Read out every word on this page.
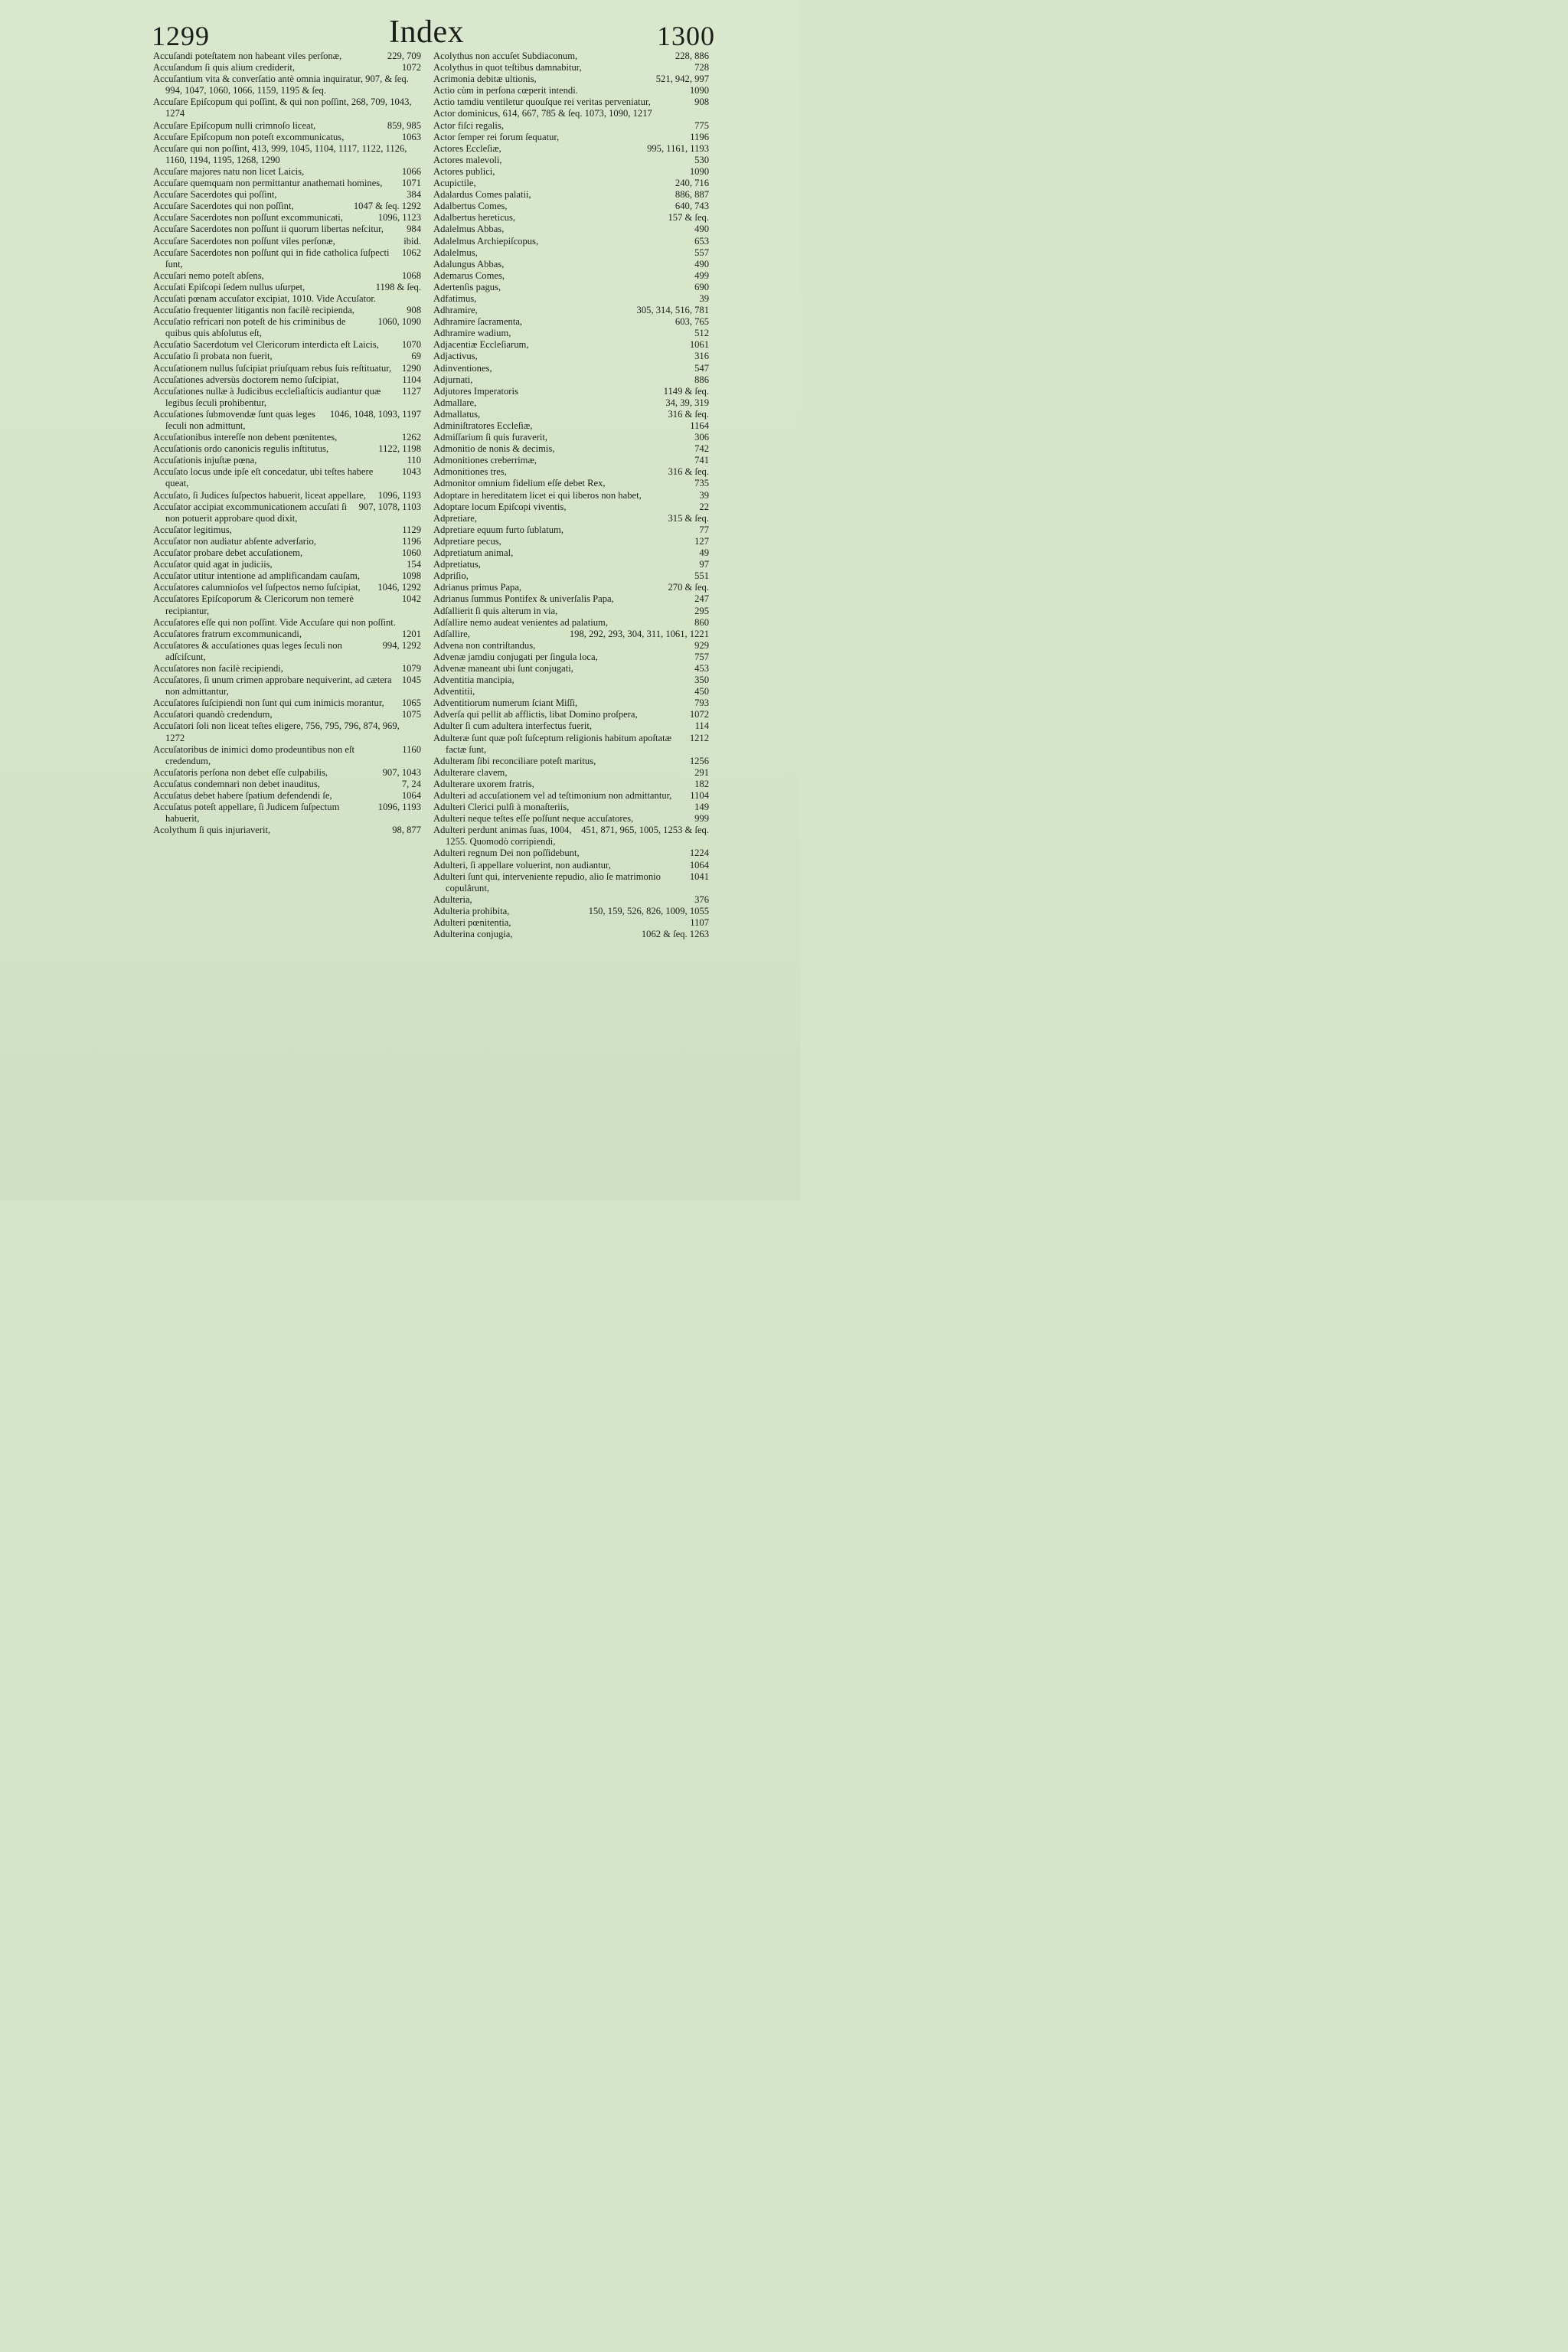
1299	Index	1300

229, 709
Accuſandi poteſtatem non habeant viles perſonæ,

1072
Accuſandum ſi quis alium crediderit,

Accuſantium vita & converſatio antè omnia inquiratur, 907, & ſeq. 994, 1047, 1060, 1066, 1159, 1195 & ſeq.

Accuſare Epiſcopum qui poſſint, & qui non poſſint, 268, 709, 1043, 1274

859, 985
Accuſare Epiſcopum nulli crimnoſo liceat,

1063
Accuſare Epiſcopum non poteſt excommunicatus,

Accuſare qui non poſſint, 413, 999, 1045, 1104, 1117, 1122, 1126, 1160, 1194, 1195, 1268, 1290

1066
Accuſare majores natu non licet Laicis,

1071
Accuſare quemquam non permittantur anathemati homines,

384
Accuſare Sacerdotes qui poſſint,

1047 & ſeq. 1292
Accuſare Sacerdotes qui non poſſint,

1096, 1123
Accuſare Sacerdotes non poſſunt excommunicati,

984
Accuſare Sacerdotes non poſſunt ii quorum libertas neſcitur,

ibid.
Accuſare Sacerdotes non poſſunt viles perſonæ,

1062
Accuſare Sacerdotes non poſſunt qui in fide catholica ſuſpecti ſunt,

1068
Accuſari nemo poteſt abſens,

1198 & ſeq.
Accuſati Epiſcopi ſedem nullus uſurpet,

Accuſati pœnam accuſator excipiat, 1010. Vide Accuſator.

908
Accuſatio frequenter litigantis non facilè recipienda,

1060, 1090
Accuſatio refricari non poteſt de his criminibus de quibus quis abſolutus eſt,

1070
Accuſatio Sacerdotum vel Clericorum interdicta eſt Laicis,

69
Accuſatio ſi probata non fuerit,

1290
Accuſationem nullus ſuſcipiat priuſquam rebus ſuis reſtituatur,

1104
Accuſationes adversùs doctorem nemo ſuſcipiat,

1127
Accuſationes nullæ à Judicibus eccleſiaſticis audiantur quæ legibus ſeculi prohibentur,

1046, 1048, 1093, 1197
Accuſationes ſubmovendæ ſunt quas leges ſeculi non admittunt,

1262
Accuſationibus intereſſe non debent pœnitentes,

1122, 1198
Accuſationis ordo canonicis regulis inſtitutus,

110
Accuſationis injuſtæ pœna,

1043
Accuſato locus unde ipſe eſt concedatur, ubi teſtes habere queat,

1096, 1193
Accuſato, ſi Judices ſuſpectos habuerit, liceat appellare,

907, 1078, 1103
Accuſator accipiat excommunicationem accuſati ſi non potuerit approbare quod dixit,

1129
Accuſator legitimus,

1196
Accuſator non audiatur abſente adverſario,

1060
Accuſator probare debet accuſationem,

154
Accuſator quid agat in judiciis,

1098
Accuſator utitur intentione ad amplificandam cauſam,

1046, 1292
Accuſatores calumnioſos vel ſuſpectos nemo ſuſcipiat,

1042
Accuſatores Epiſcoporum & Clericorum non temerè recipiantur,

Accuſatores eſſe qui non poſſint. Vide Accuſare qui non poſſint.

1201
Accuſatores fratrum excommunicandi,

994, 1292
Accuſatores & accuſationes quas leges ſeculi non adſciſcunt,

1079
Accuſatores non facilè recipiendi,

1045
Accuſatores, ſi unum crimen approbare nequiverint, ad cætera non admittantur,

1065
Accuſatores ſuſcipiendi non ſunt qui cum inimicis morantur,

1075
Accuſatori quandò credendum,

Accuſatori ſoli non liceat teſtes eligere, 756, 795, 796, 874, 969, 1272

1160
Accuſatoribus de inimici domo prodeuntibus non eſt credendum,

907, 1043
Accuſatoris perſona non debet eſſe culpabilis,

7, 24
Accuſatus condemnari non debet inauditus,

1064
Accuſatus debet habere ſpatium defendendi ſe,

1096, 1193
Accuſatus poteſt appellare, ſi Judicem ſuſpectum habuerit,

98, 877
Acolythum ſi quis injuriaverit,

228, 886
Acolythus non accuſet Subdiaconum,

728
Acolythus in quot teſtibus damnabitur,

521, 942, 997
Acrimonia debitæ ultionis,

1090
Actio cùm in perſona cœperit intendi.

908
Actio tamdiu ventiletur quouſque rei veritas perveniatur,

Actor dominicus, 614, 667, 785 & ſeq. 1073, 1090, 1217

775
Actor fiſci regalis,

1196
Actor ſemper rei forum ſequatur,

995, 1161, 1193
Actores Eccleſiæ,

530
Actores malevoli,

1090
Actores publici,

240, 716
Acupictile,

886, 887
Adalardus Comes palatii,

640, 743
Adalbertus Comes,

157 & ſeq.
Adalbertus hereticus,

490
Adalelmus Abbas,

653
Adalelmus Archiepiſcopus,

557
Adalelmus,

490
Adalungus Abbas,

499
Ademarus Comes,

690
Adertenſis pagus,

39
Adfatimus,

305, 314, 516, 781
Adhramire,

603, 765
Adhramire ſacramenta,

512
Adhramire wadium,

1061
Adjacentiæ Eccleſiarum,

316
Adjactivus,

547
Adinventiones,

886
Adjurnati,

1149 & ſeq.
Adjutores Imperatoris

34, 39, 319
Admallare,

316 & ſeq.
Admallatus,

1164
Adminiſtratores Eccleſiæ,

306
Admiſſarium ſi quis furaverit,

742
Admonitio de nonis & decimis,

741
Admonitiones creberrimæ,

316 & ſeq.
Admonitiones tres,

735
Admonitor omnium fidelium eſſe debet Rex,

39
Adoptare in hereditatem licet ei qui liberos non habet,

22
Adoptare locum Epiſcopi viventis,

315 & ſeq.
Adpretiare,

77
Adpretiare equum furto ſublatum,

127
Adpretiare pecus,

49
Adpretiatum animal,

97
Adpretiatus,

551
Adpriſio,

270 & ſeq.
Adrianus primus Papa,

247
Adrianus ſummus Pontifex & univerſalis Papa,

295
Adſallierit ſi quis alterum in via,

860
Adſallire nemo audeat venientes ad palatium,

198, 292, 293, 304, 311, 1061, 1221
Adſallire,

929
Advena non contriſtandus,

757
Advenæ jamdiu conjugati per ſingula loca,

453
Advenæ maneant ubi ſunt conjugati,

350
Adventitia mancipia,

450
Adventitii,

793
Adventitiorum numerum ſciant Miſſi,

1072
Adverſa qui pellit ab afflictis, libat Domino proſpera,

114
Adulter ſi cum adultera interfectus fuerit,

1212
Adulteræ ſunt quæ poſt ſuſceptum religionis habitum apoſtatæ factæ ſunt,

1256
Adulteram ſibi reconciliare poteſt maritus,

291
Adulterare clavem,

182
Adulterare uxorem fratris,

1104
Adulteri ad accuſationem vel ad teſtimonium non admittantur,

149
Adulteri Clerici pulſi à monaſteriis,

999
Adulteri neque teſtes eſſe poſſunt neque accuſatores,

451, 871, 965, 1005, 1253 & ſeq.
Adulteri perdunt animas ſuas, 1004, 1255. Quomodò corripiendi,

1224
Adulteri regnum Dei non poſſidebunt,

1064
Adulteri, ſi appellare voluerint, non audiantur,

1041
Adulteri ſunt qui, interveniente repudio, alio ſe matrimonio copulârunt,

376
Adulteria,

150, 159, 526, 826, 1009, 1055
Adulteria prohibita,

1107
Adulteri pœnitentia,

1062 & ſeq. 1263
Adulterina conjugia,
